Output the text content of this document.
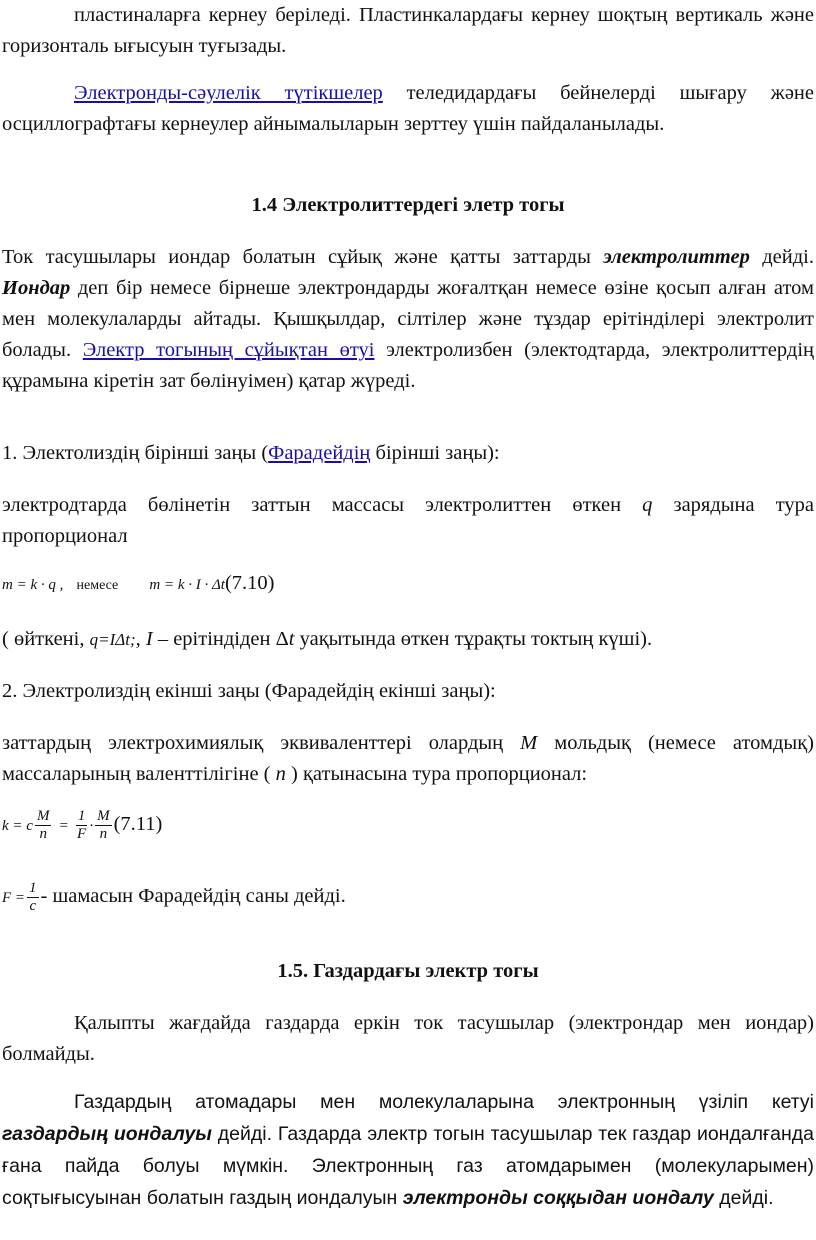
пластиналарға кернеу беріледі. Пластинкалардағы кернеу шоқтың вертикаль және горизонталь ығысуын туғызады.

Электронды-сәулелік түтікшелер теледидардағы бейнелерді шығару және осциллографтағы кернеулер айнымалыларын зерттеу үшін пайдаланылады.

1.4 Электролиттердегі элетр тогы

Ток тасушылары иондар болатын сұйық және қатты заттарды электролиттер дейді. Иондар деп бір немесе бірнеше электрондарды жоғалтқан немесе өзіне қосып алған атом мен молекулаларды айтады. Қышқылдар, сілтілер және тұздар ерітінділері электролит болады. Электр тогының сұйықтан өтуі электролизбен (электодтарда, электролиттердің құрамына кіретін зат бөлінуімен) қатар жүреді.

1. Электолиздің бірінші заңы (Фарадейдің бірінші заңы):

электродтарда бөлінетін заттын массасы электролиттен өткен q зарядына тура пропорционал

m = k · q , немесе m = k · I · Δt(7.10)

( өйткені, q=IΔt;, I – ерітіндіден Δt уақытында өткен тұрақты токтың күші).

2. Электролиздің екінші заңы (Фарадейдің екінші заңы):

заттардың электрохимиялық эквиваленттері олардың M мольдық (немесе атомдық) массаларының валенттілігіне ( n ) қатынасына тура пропорционал:

k = c $\frac{M}{n} = \frac{1}{F} \cdot \frac{M}{n} (7.11)$
$F = \frac{1}{c}$ - шамасын Фарадейдің саны дейді.
1.5. Газдардағы электр тогы

Қалыпты жағдайда газдарда еркін ток тасушылар (электрондар мен иондар) болмайды.

Газдардың атомадары мен молекулаларына электронның үзіліп кетуі газдардың иондалуы дейді. Газдарда электр тогын тасушылар тек газдар иондалғанда ғана пайда болуы мүмкін. Электронның газ атомдарымен (молекуларымен) соқтығысуынан болатын газдың иондалуын электронды соққыдан иондалу дейді.
